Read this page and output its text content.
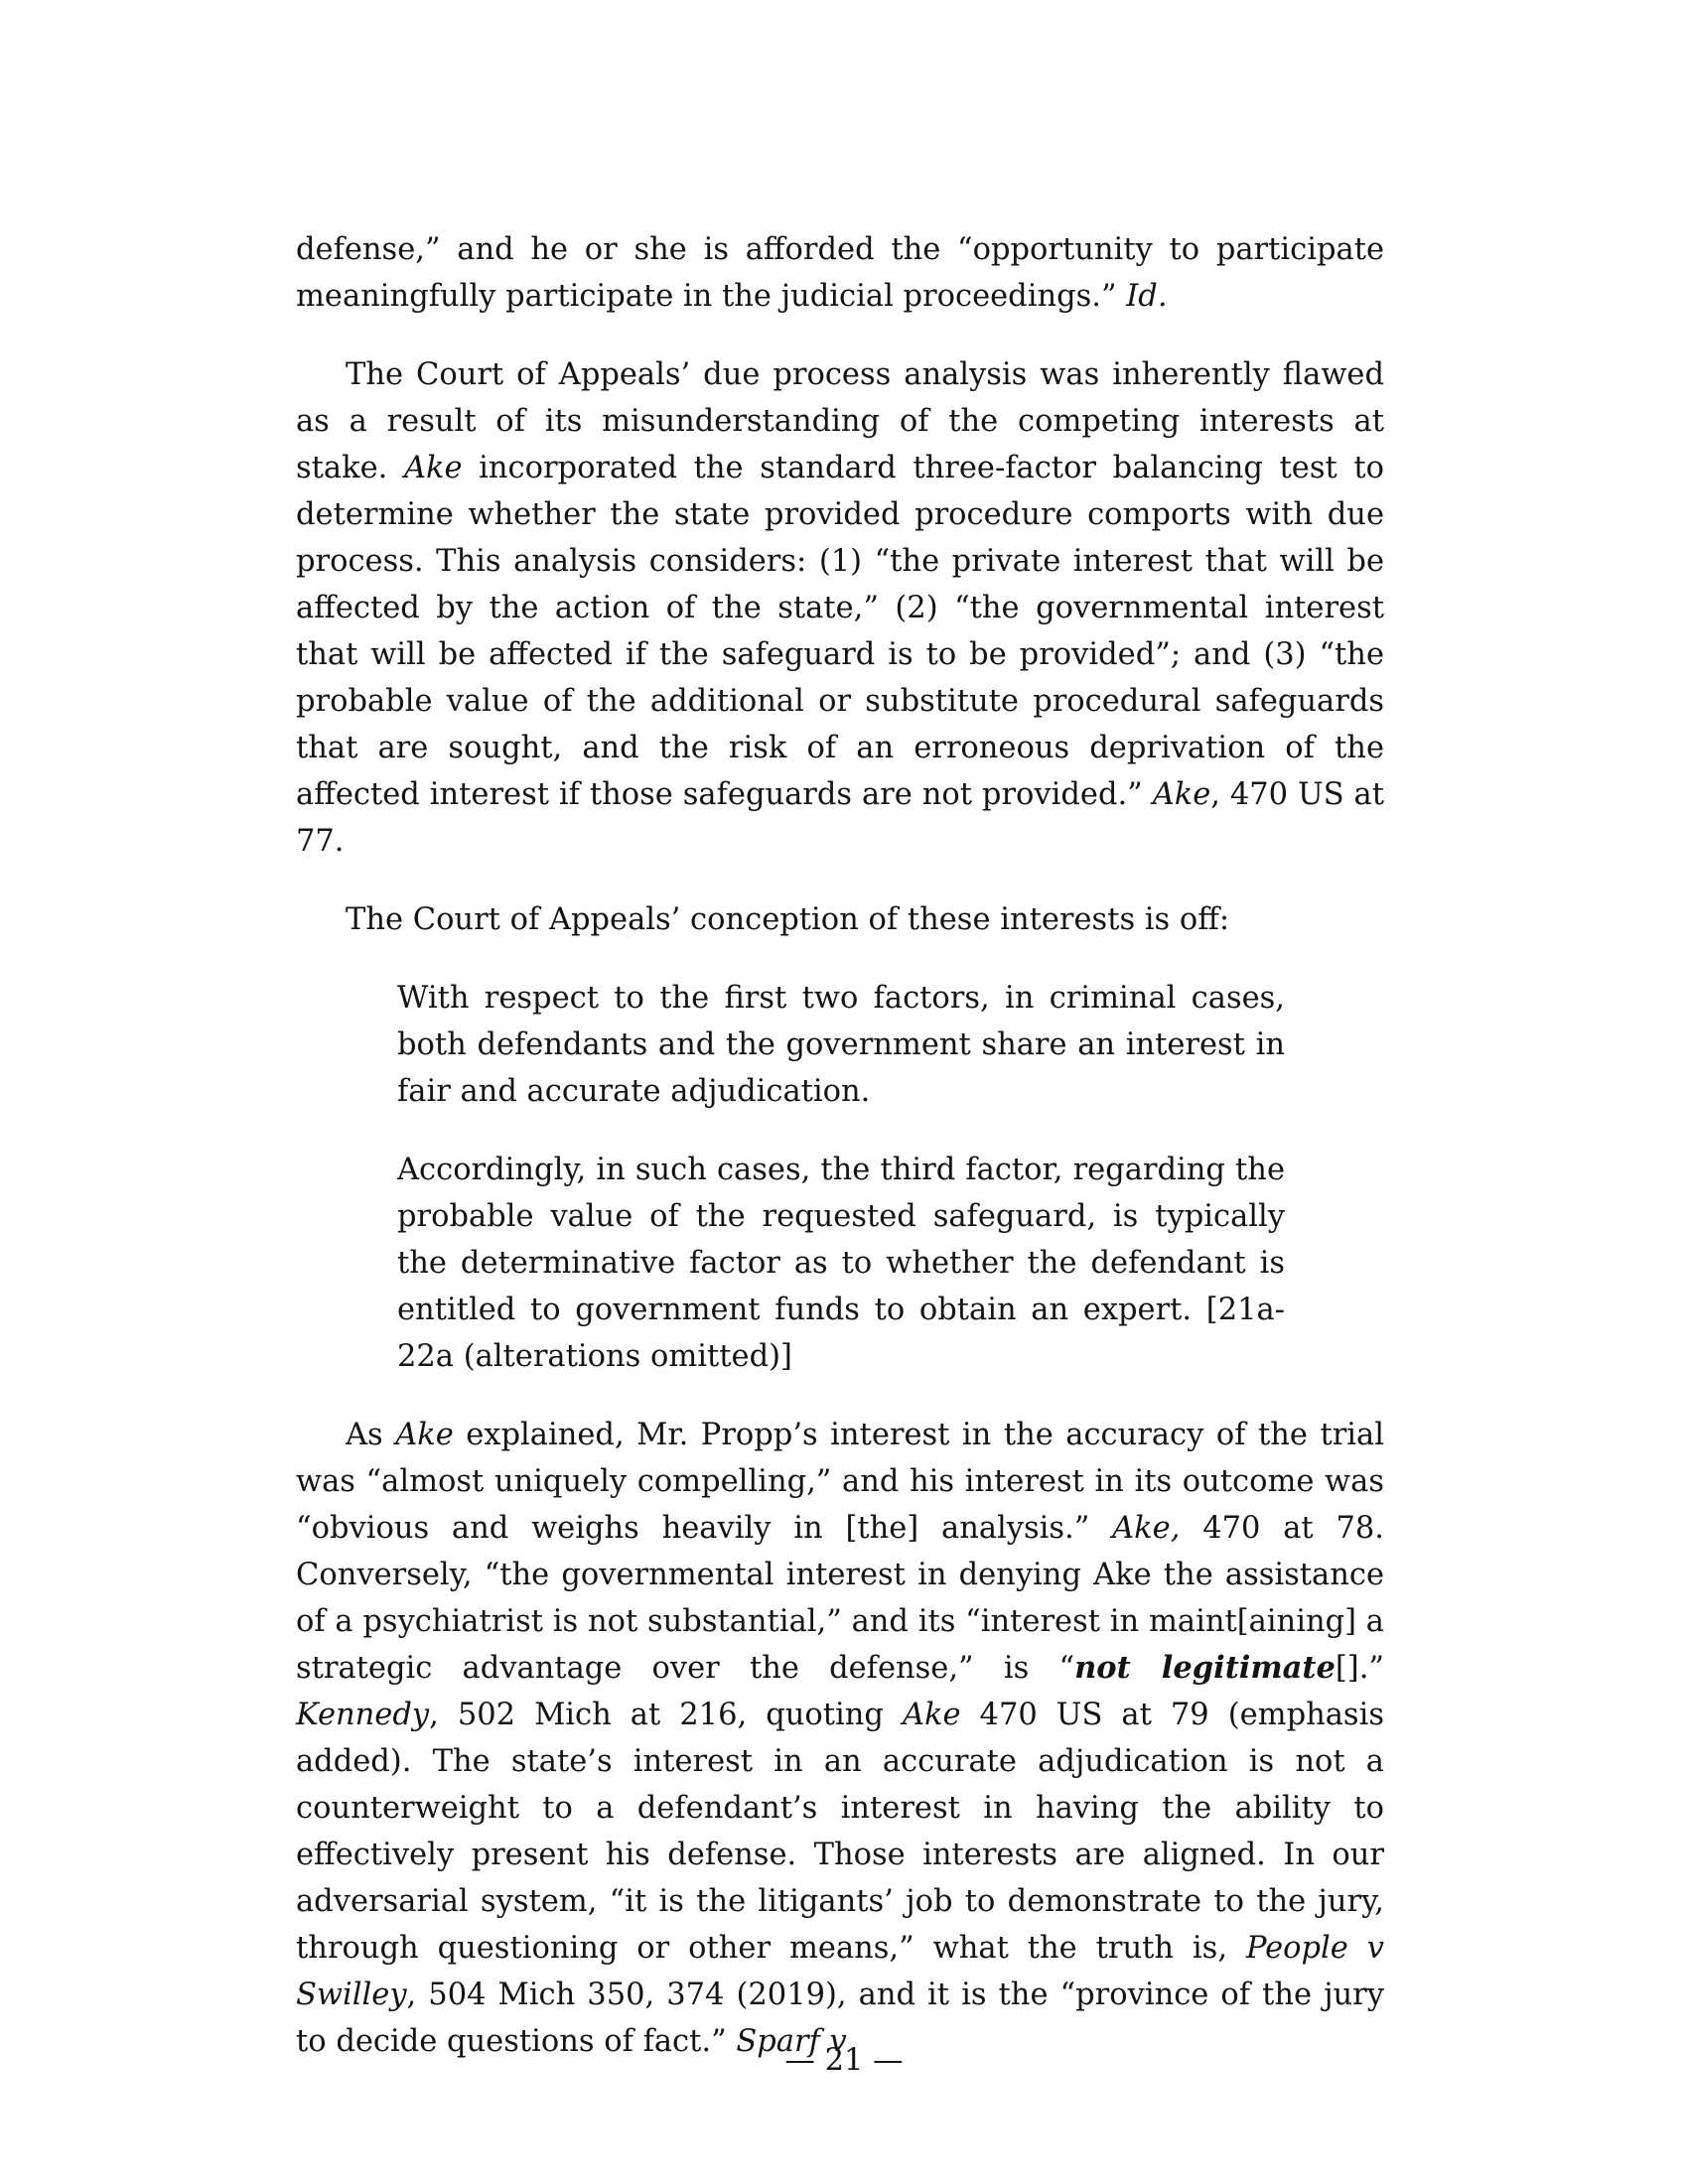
defense,” and he or she is afforded the “opportunity to participate meaningfully participate in the judicial proceedings.” Id.

The Court of Appeals’ due process analysis was inherently flawed as a result of its misunderstanding of the competing interests at stake. Ake incorporated the standard three-factor balancing test to determine whether the state provided procedure comports with due process. This analysis considers: (1) “the private interest that will be affected by the action of the state,” (2) “the governmental interest that will be affected if the safeguard is to be provided”; and (3) “the probable value of the additional or substitute procedural safeguards that are sought, and the risk of an erroneous deprivation of the affected interest if those safeguards are not provided.” Ake, 470 US at 77.

The Court of Appeals’ conception of these interests is off:

With respect to the first two factors, in criminal cases, both defendants and the government share an interest in fair and accurate adjudication.

Accordingly, in such cases, the third factor, regarding the probable value of the requested safeguard, is typically the determinative factor as to whether the defendant is entitled to government funds to obtain an expert. [21a-22a (alterations omitted)]

As Ake explained, Mr. Propp’s interest in the accuracy of the trial was “almost uniquely compelling,” and his interest in its outcome was “obvious and weighs heavily in [the] analysis.” Ake, 470 at 78. Conversely, “the governmental interest in denying Ake the assistance of a psychiatrist is not substantial,” and its “interest in maint[aining] a strategic advantage over the defense,” is “not legitimate[].” Kennedy, 502 Mich at 216, quoting Ake 470 US at 79 (emphasis added). The state’s interest in an accurate adjudication is not a counterweight to a defendant’s interest in having the ability to effectively present his defense. Those interests are aligned. In our adversarial system, “it is the litigants’ job to demonstrate to the jury, through questioning or other means,” what the truth is, People v Swilley, 504 Mich 350, 374 (2019), and it is the “province of the jury to decide questions of fact.” Sparf v

— 21 —
